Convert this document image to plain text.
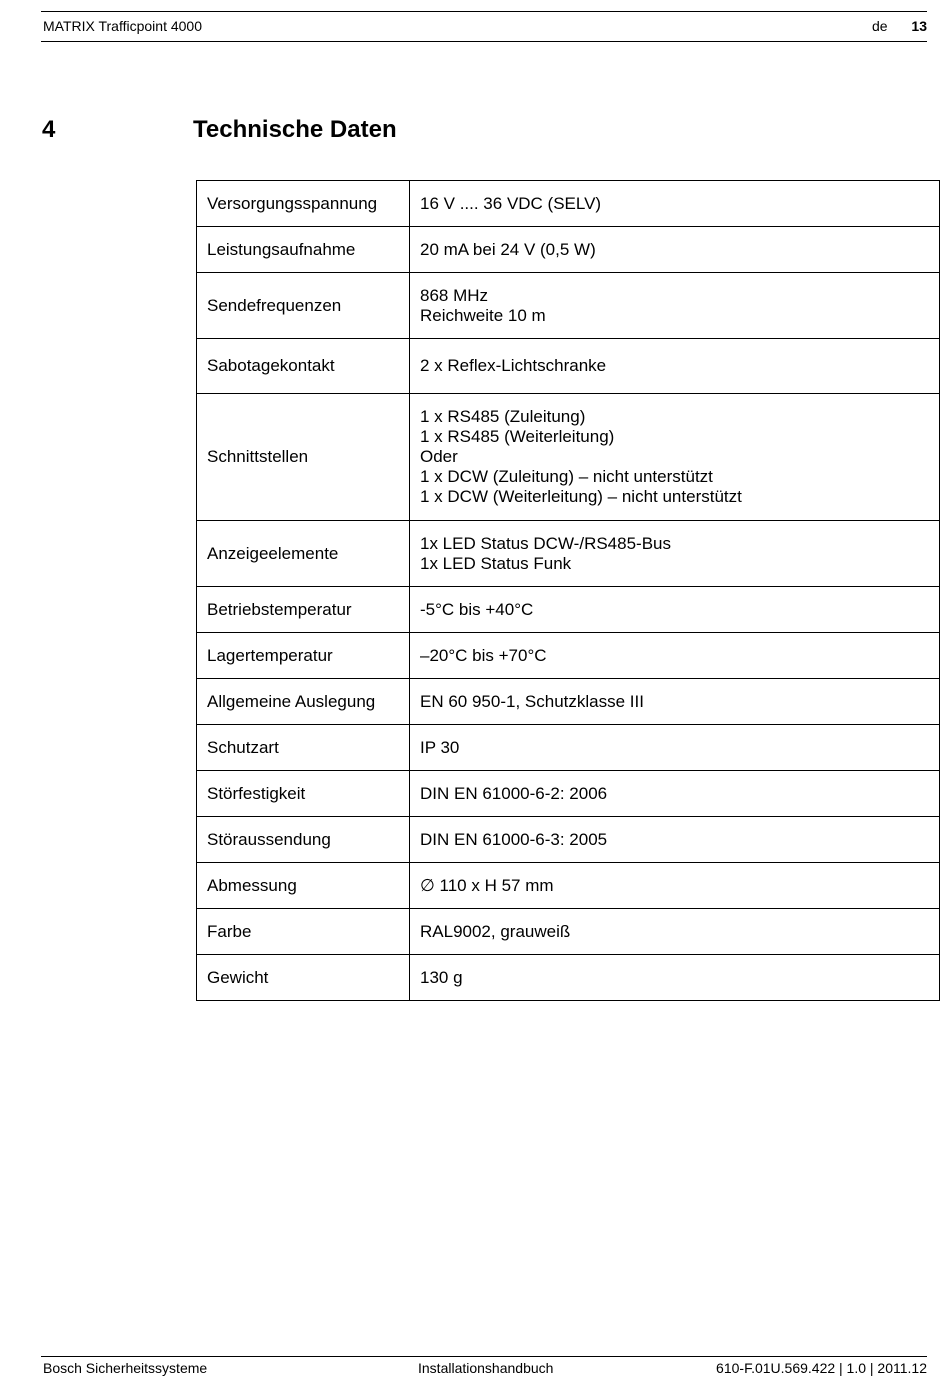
MATRIX Trafficpoint 4000	de 13
4	Technische Daten
Versorgungsspannung	16 V .... 36 VDC (SELV)

Leistungsaufnahme	20 mA bei 24 V (0,5 W)

Sendefrequenzen	868 MHz
Reichweite 10 m

Sabotagekontakt	2 x Reflex-Lichtschranke

Schnittstellen	1 x RS485 (Zuleitung)
1 x RS485 (Weiterleitung)
Oder
1 x DCW (Zuleitung) – nicht unterstützt
1 x DCW (Weiterleitung) – nicht unterstützt

Anzeigeelemente	1x LED Status DCW-/RS485-Bus
1x LED Status Funk

Betriebstemperatur	-5°C bis +40°C

Lagertemperatur	–20°C bis +70°C

Allgemeine Auslegung	EN 60 950-1, Schutzklasse III

Schutzart	IP 30

Störfestigkeit	DIN EN 61000-6-2: 2006

Störaussendung	DIN EN 61000-6-3: 2005

Abmessung	∅ 110 x H 57 mm

Farbe	RAL9002, grauweiß

Gewicht	130 g
Bosch Sicherheitssysteme	Installationshandbuch	610-F.01U.569.422 | 1.0 | 2011.12
